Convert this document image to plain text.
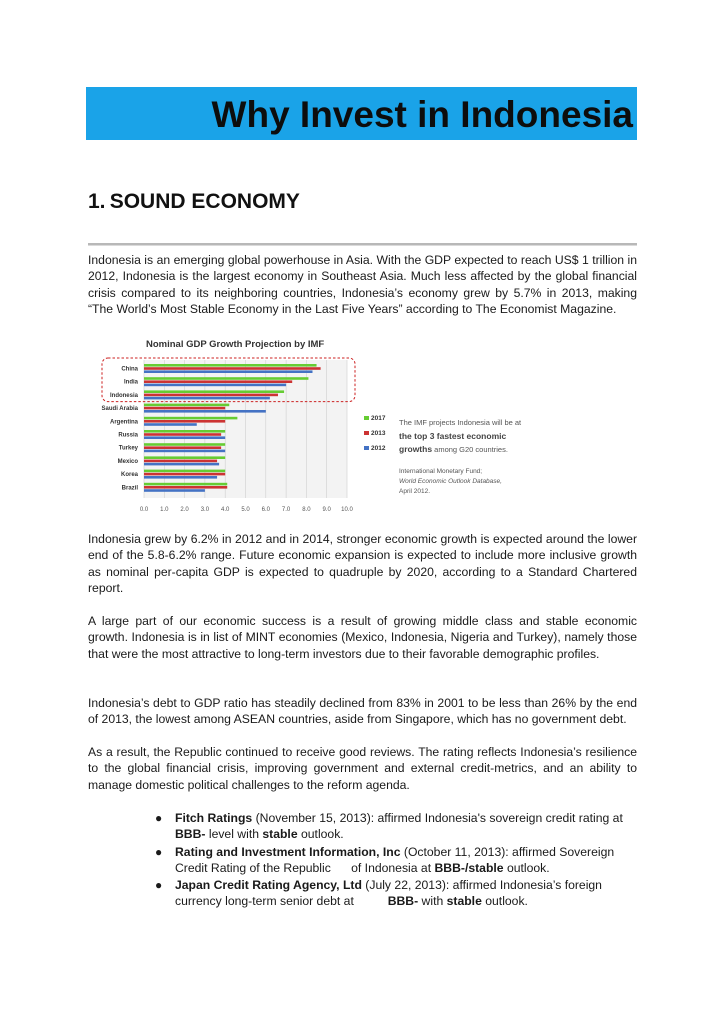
Why Invest in Indonesia
1. SOUND ECONOMY

Indonesia is an emerging global powerhouse in Asia. With the GDP expected to reach US$ 1 trillion in 2012, Indonesia is the largest economy in Southeast Asia. Much less affected by the global financial crisis compared to its neighboring countries, Indonesia’s economy grew by 5.7% in 2013, making “The World’s Most Stable Economy in the Last Five Years” according to The Economist Magazine.

Nominal GDP Growth Projection by IMF
0.0 1.0 2.0 3.0 4.0 5.0 6.0 7.0 8.0 9.0 10.0
China
India
Indonesia
Saudi Arabia
Argentina
Russia
Turkey
Mexico
Korea
Brazil
2017
2013
2012
The IMF projects Indonesia will be at
the top 3 fastest economic
growths among G20 countries.
International Monetary Fund;
World Economic Outlook Database,
April 2012.

Indonesia grew by 6.2% in 2012 and in 2014, stronger economic growth is expected around the lower end of the 5.8-6.2% range. Future economic expansion is expected to include more inclusive growth as nominal per-capita GDP is expected to quadruple by 2020, according to a Standard Chartered report.

A large part of our economic success is a result of growing middle class and stable economic growth. Indonesia is in list of MINT economies (Mexico, Indonesia, Nigeria and Turkey), namely those that were the most attractive to long-term investors due to their favorable demographic profiles.

Indonesia’s debt to GDP ratio has steadily declined from 83% in 2001 to be less than 26% by the end of 2013, the lowest among ASEAN countries, aside from Singapore, which has no government debt.

As a result, the Republic continued to receive good reviews. The rating reflects Indonesia’s resilience to the global financial crisis, improving government and external credit-metrics, and an ability to manage domestic political challenges to the reform agenda.

● Fitch Ratings (November 15, 2013): affirmed Indonesia's sovereign credit rating at BBB- level with stable outlook.
● Rating and Investment Information, Inc (October 11, 2013): affirmed Sovereign Credit Rating of the Republic      of Indonesia at BBB-/stable outlook.
● Japan Credit Rating Agency, Ltd (July 22, 2013): affirmed Indonesia’s foreign currency long-term senior debt at          BBB- with stable outlook.
